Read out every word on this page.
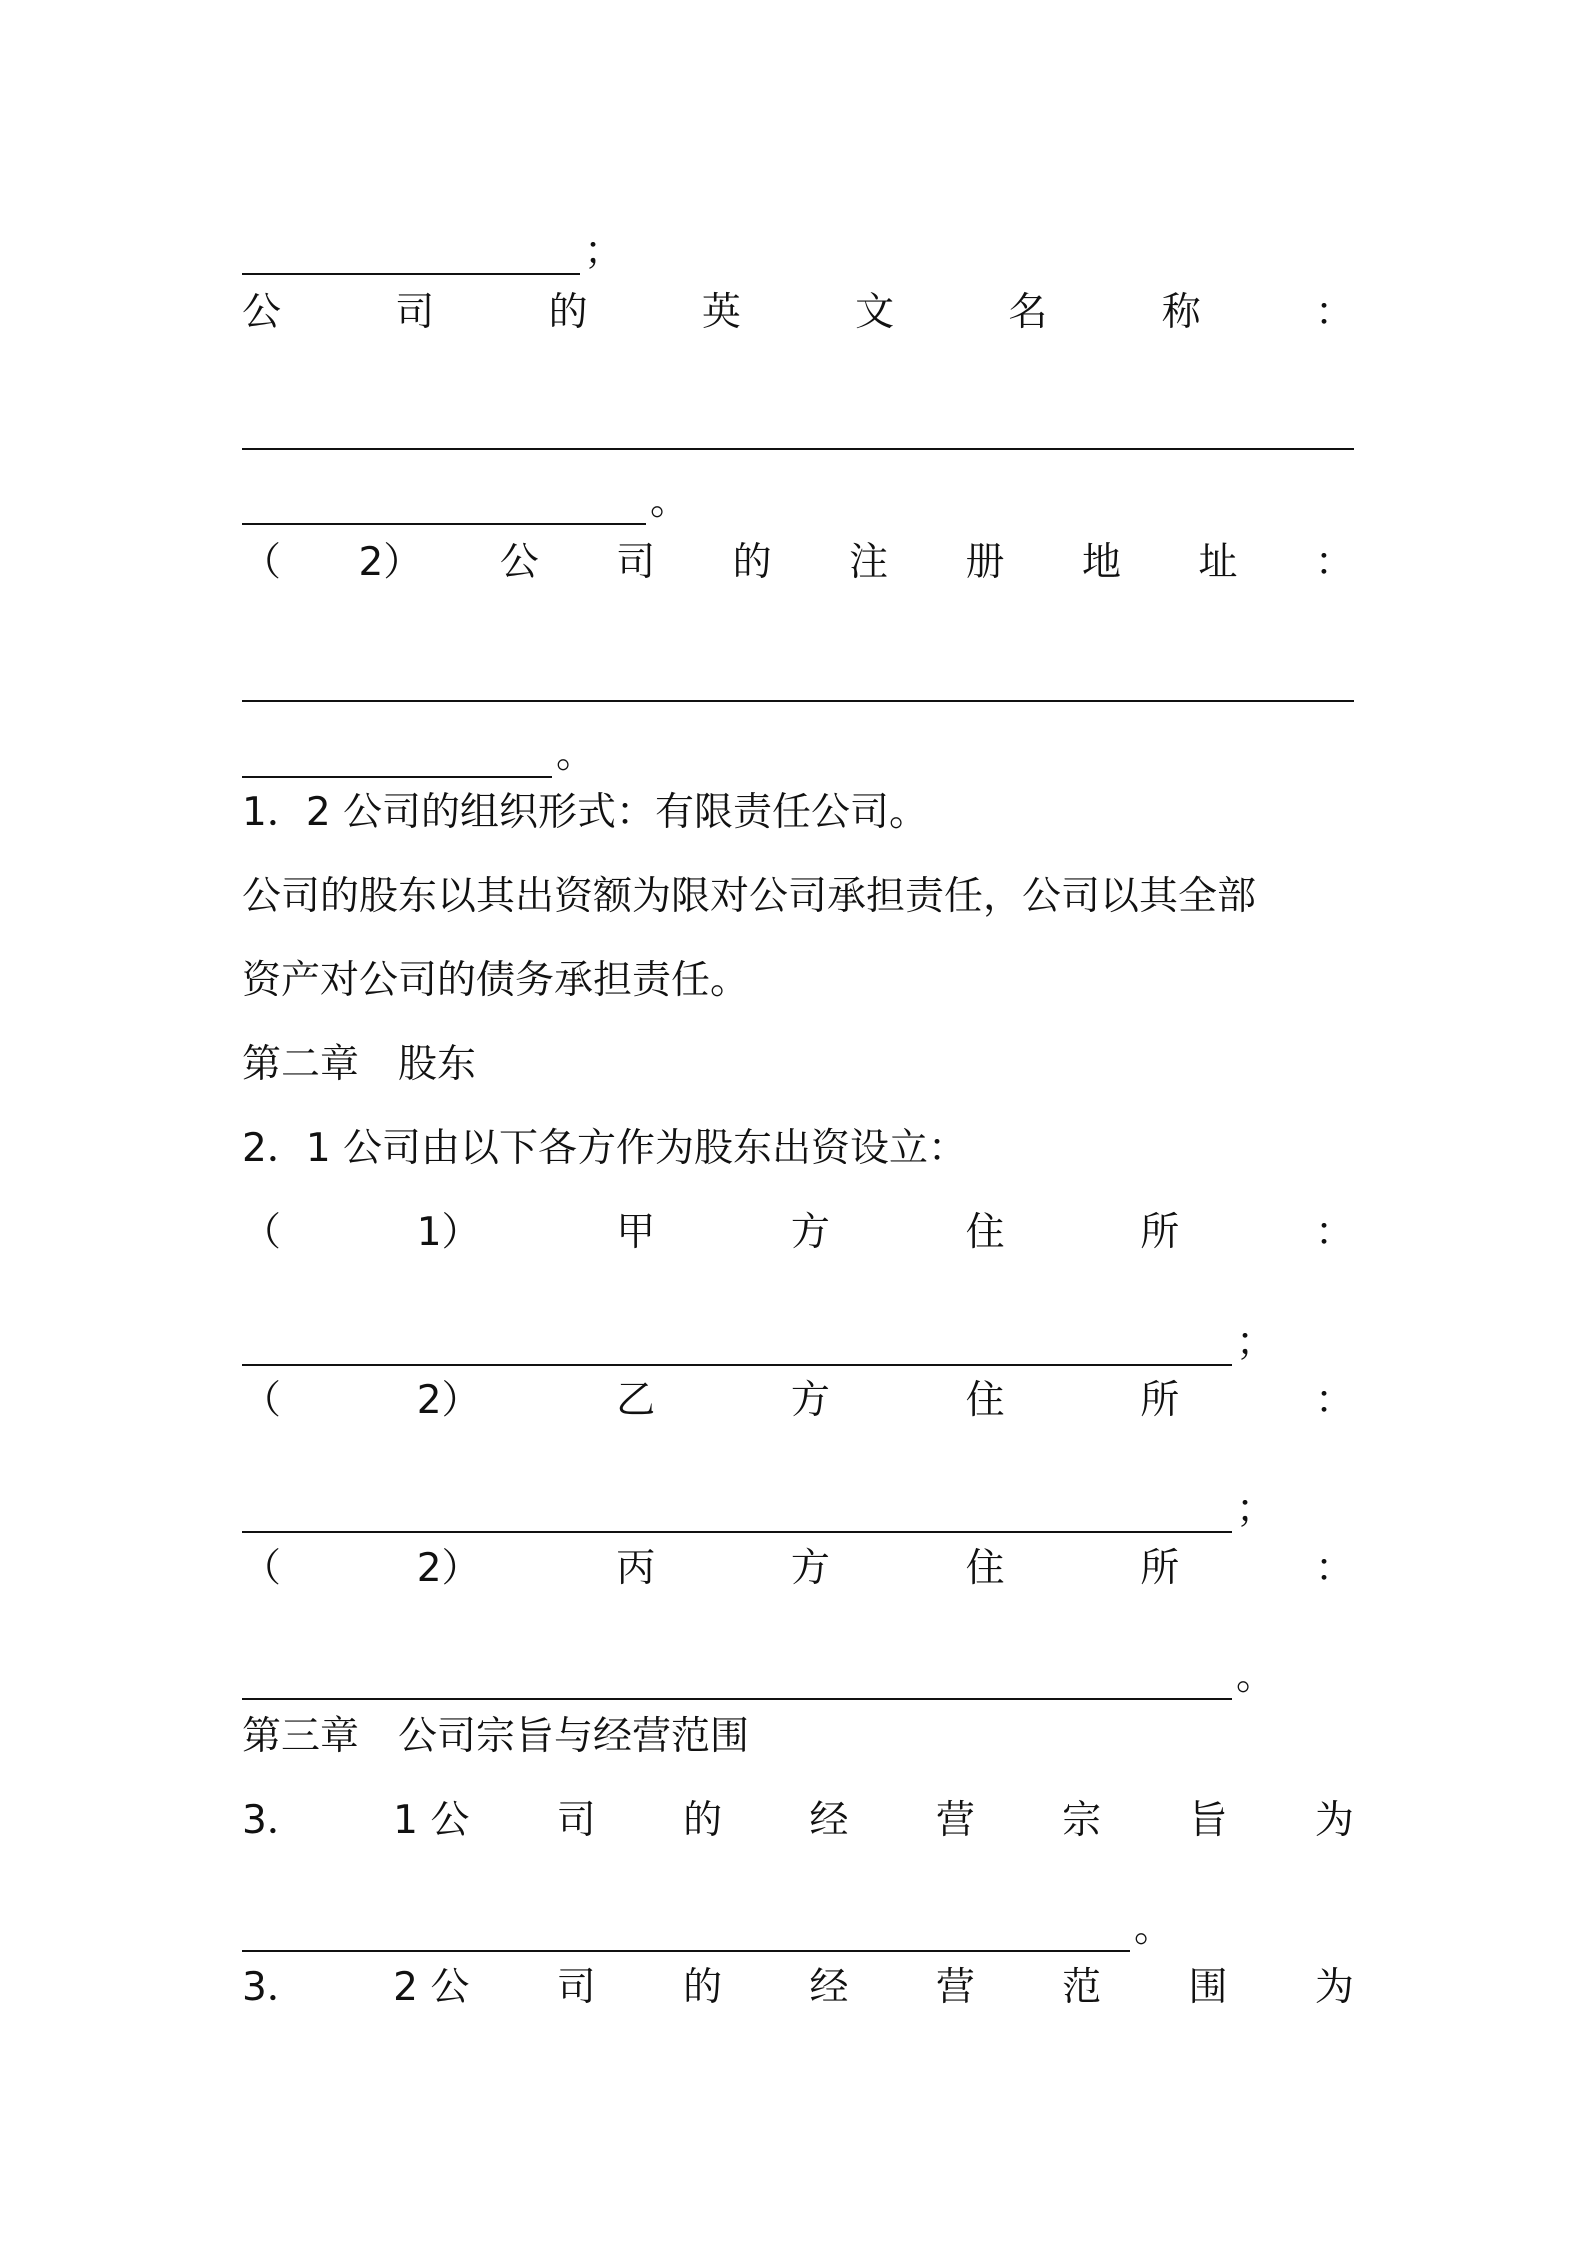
；
公	司	的	英	文	名	称	：
。
（ 2） 公 司 的 注 册 地 址 ：
。
1．2 公司的组织形式：有限责任公司。
公司的股东以其出资额为限对公司承担责任，公司以其全部
资产对公司的债务承担责任。
第二章　股东
2．1 公司由以下各方作为股东出资设立：
（	1）	甲	方	住	所	：
；
（	2）	乙	方	住	所	：
；
（	2）	丙	方	住	所	：
。
第三章　公司宗旨与经营范围
3． 1 公 司 的 经 营 宗 旨 为
。
3． 2 公 司 的 经 营 范 围 为
